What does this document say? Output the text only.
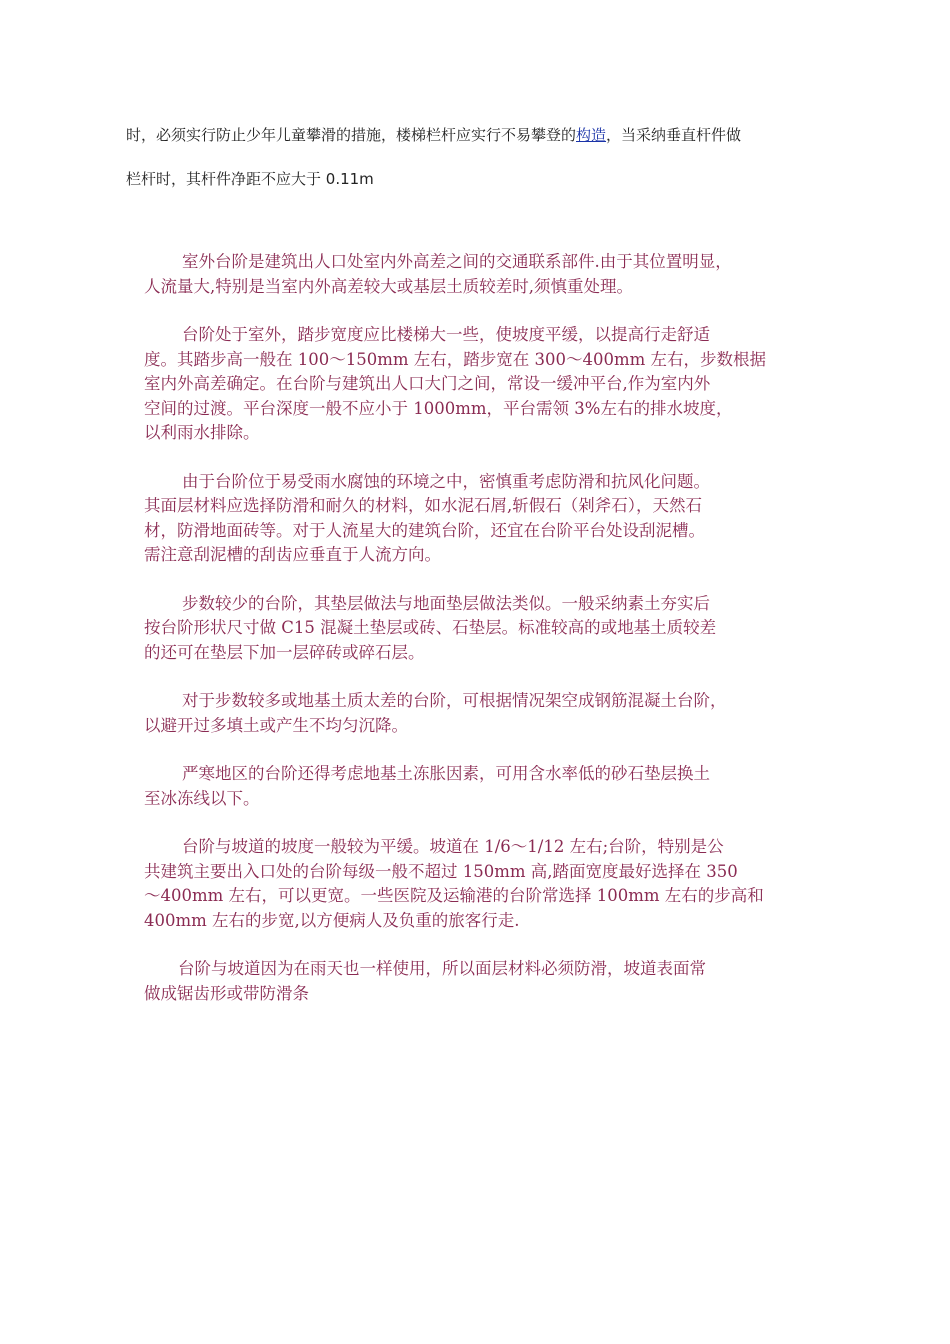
时，必须实行防止少年儿童攀滑的措施，楼梯栏杆应实行不易攀登的构造，当采纳垂直杆件做

栏杆时，其杆件净距不应大于 0.11m

室外台阶是建筑出人口处室内外高差之间的交通联系部件.由于其位置明显，
人流量大,特别是当室内外高差较大或基层土质较差时,须慎重处理。

台阶处于室外，踏步宽度应比楼梯大一些，使坡度平缓，以提高行走舒适
度。其踏步高一般在 100～150mm 左右，踏步宽在 300～400mm 左右，步数根据
室内外高差确定。在台阶与建筑出人口大门之间，常设一缓冲平台,作为室内外
空间的过渡。平台深度一般不应小于 1000mm，平台需领 3%左右的排水坡度，
以利雨水排除。

由于台阶位于易受雨水腐蚀的环境之中，密慎重考虑防滑和抗风化问题。
其面层材料应选择防滑和耐久的材料，如水泥石屑,斩假石（剁斧石），天然石
材，防滑地面砖等。对于人流星大的建筑台阶，还宜在台阶平台处设刮泥槽。
需注意刮泥槽的刮齿应垂直于人流方向。

步数较少的台阶，其垫层做法与地面垫层做法类似。一般采纳素土夯实后
按台阶形状尺寸做 C15 混凝土垫层或砖、石垫层。标准较高的或地基土质较差
的还可在垫层下加一层碎砖或碎石层。

对于步数较多或地基土质太差的台阶，可根据情况架空成钢筋混凝土台阶，
以避开过多填土或产生不均匀沉降。

严寒地区的台阶还得考虑地基土冻胀因素，可用含水率低的砂石垫层换土
至冰冻线以下。

台阶与坡道的坡度一般较为平缓。坡道在 1/6～1/12 左右;台阶，特别是公
共建筑主要出入口处的台阶每级一般不超过 150mm 高,踏面宽度最好选择在 350
～400mm 左右，可以更宽。一些医院及运输港的台阶常选择 100mm 左右的步高和
400mm 左右的步宽,以方便病人及负重的旅客行走.

台阶与坡道因为在雨天也一样使用，所以面层材料必须防滑，坡道表面常
做成锯齿形或带防滑条
